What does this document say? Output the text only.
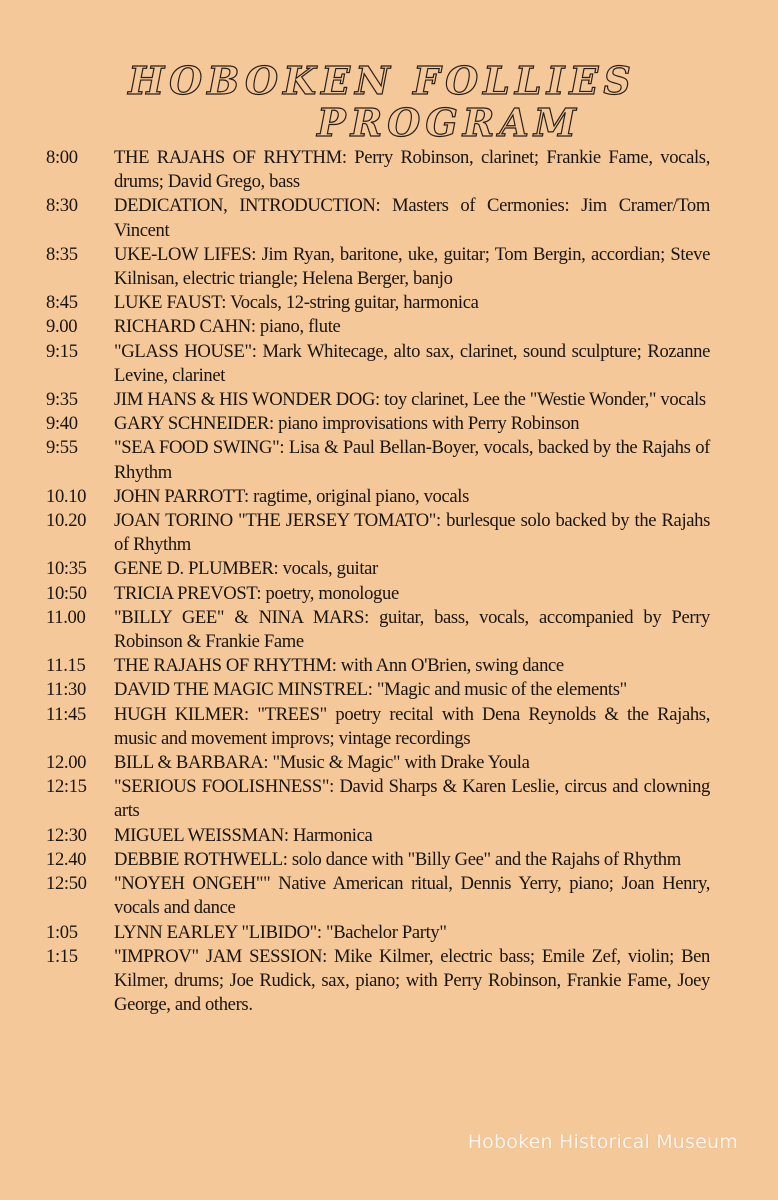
HOBOKEN FOLLIES
PROGRAM
8:00	THE RAJAHS OF RHYTHM: Perry Robinson, clarinet; Frankie Fame, vocals, drums; David Grego, bass
8:30	DEDICATION, INTRODUCTION: Masters of Cermonies: Jim Cramer/Tom Vincent
8:35	UKE-LOW LIFES: Jim Ryan, baritone, uke, guitar; Tom Bergin, accordian; Steve Kilnisan, electric triangle; Helena Berger, banjo
8:45	LUKE FAUST: Vocals, 12-string guitar, harmonica
9.00	RICHARD CAHN: piano, flute
9:15	"GLASS HOUSE": Mark Whitecage, alto sax, clarinet, sound sculpture; Rozanne Levine, clarinet
9:35	JIM HANS & HIS WONDER DOG: toy clarinet, Lee the "Westie Wonder," vocals
9:40	GARY SCHNEIDER: piano improvisations with Perry Robinson
9:55	"SEA FOOD SWING": Lisa & Paul Bellan-Boyer, vocals, backed by the Rajahs of Rhythm
10.10	JOHN PARROTT: ragtime, original piano, vocals
10.20	JOAN TORINO "THE JERSEY TOMATO": burlesque solo backed by the Rajahs of Rhythm
10:35	GENE D. PLUMBER: vocals, guitar
10:50	TRICIA PREVOST: poetry, monologue
11.00	"BILLY GEE" & NINA MARS: guitar, bass, vocals, accompanied by Perry Robinson & Frankie Fame
11.15	THE RAJAHS OF RHYTHM: with Ann O'Brien, swing dance
11:30	DAVID THE MAGIC MINSTREL: "Magic and music of the elements"
11:45	HUGH KILMER: "TREES" poetry recital with Dena Reynolds & the Rajahs, music and movement improvs; vintage recordings
12.00	BILL & BARBARA: "Music & Magic" with Drake Youla
12:15	"SERIOUS FOOLISHNESS": David Sharps & Karen Leslie, circus and clowning arts
12:30	MIGUEL WEISSMAN: Harmonica
12.40	DEBBIE ROTHWELL: solo dance with "Billy Gee" and the Rajahs of Rhythm
12:50	"NOYEH ONGEH"" Native American ritual, Dennis Yerry, piano; Joan Henry, vocals and dance
1:05	LYNN EARLEY "LIBIDO": "Bachelor Party"
1:15	"IMPROV" JAM SESSION: Mike Kilmer, electric bass; Emile Zef, violin; Ben Kilmer, drums; Joe Rudick, sax, piano; with Perry Robinson, Frankie Fame, Joey George, and others.
Hoboken Historical Museum
